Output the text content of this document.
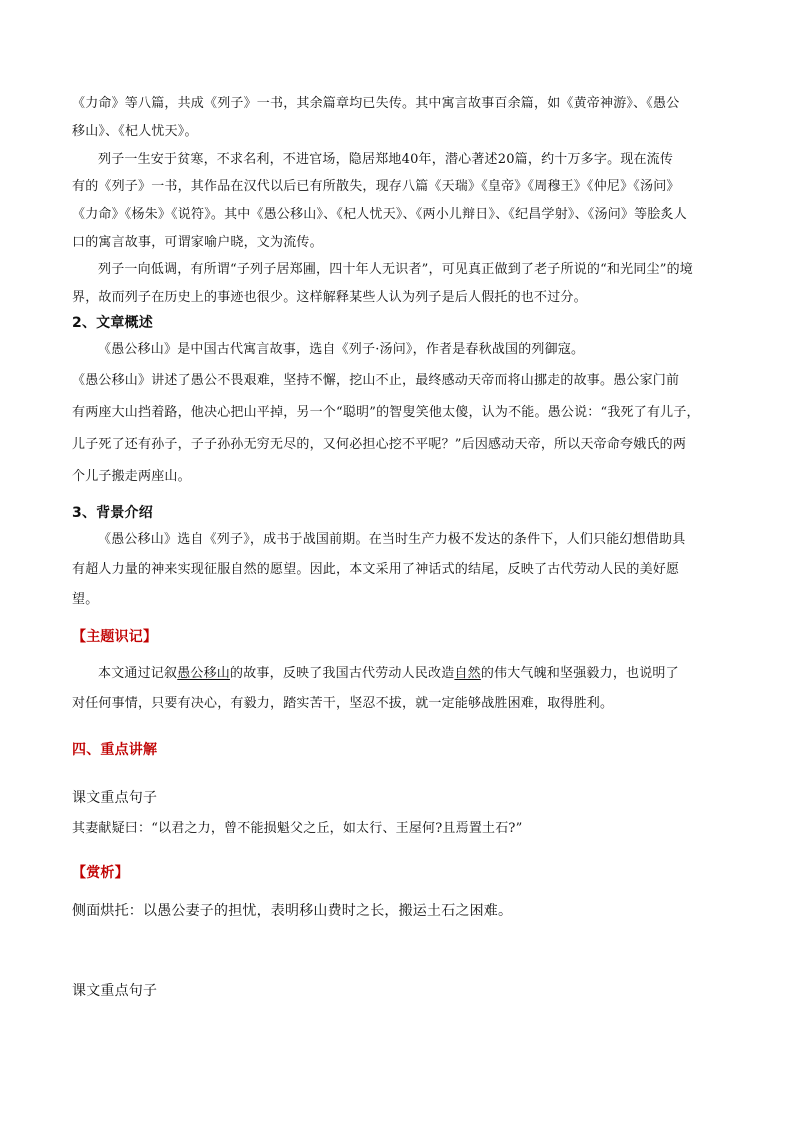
《力命》等八篇，共成《列子》一书，其余篇章均已失传。其中寓言故事百余篇，如《黄帝神游》、《愚公
移山》、《杞人忧天》。
列子一生安于贫寒，不求名利，不进官场，隐居郑地40年，潜心著述20篇，约十万多字。现在流传
有的《列子》一书，其作品在汉代以后已有所散失，现存八篇《天瑞》《皇帝》《周穆王》《仲尼》《汤问》
《力命》《杨朱》《说符》。其中《愚公移山》、《杞人忧天》、《两小儿辩日》、《纪昌学射》、《汤问》等脍炙人
口的寓言故事，可谓家喻户晓，文为流传。
列子一向低调，有所谓“子列子居郑圃，四十年人无识者”，可见真正做到了老子所说的“和光同尘”的境
界，故而列子在历史上的事迹也很少。这样解释某些人认为列子是后人假托的也不过分。
2、文章概述
《愚公移山》是中国古代寓言故事，选自《列子·汤问》，作者是春秋战国的列御寇。
《愚公移山》讲述了愚公不畏艰难，坚持不懈，挖山不止，最终感动天帝而将山挪走的故事。愚公家门前
有两座大山挡着路，他决心把山平掉，另一个“聪明”的智叟笑他太傻，认为不能。愚公说：“我死了有儿子，
儿子死了还有孙子，子子孙孙无穷无尽的，又何必担心挖不平呢？”后因感动天帝，所以天帝命夸娥氏的两
个儿子搬走两座山。
3、背景介绍
《愚公移山》选自《列子》，成书于战国前期。在当时生产力极不发达的条件下，人们只能幻想借助具
有超人力量的神来实现征服自然的愿望。因此，本文采用了神话式的结尾，反映了古代劳动人民的美好愿
望。
【主题识记】
本文通过记叙愚公移山的故事，反映了我国古代劳动人民改造自然的伟大气魄和坚强毅力，也说明了
对任何事情，只要有决心，有毅力，踏实苦干，坚忍不拔，就一定能够战胜困难，取得胜利。
四、重点讲解
课文重点句子
其妻献疑曰：“以君之力，曾不能损魁父之丘，如太行、王屋何?且焉置土石?”
【赏析】
侧面烘托：以愚公妻子的担忧，表明移山费时之长，搬运土石之困难。
课文重点句子
